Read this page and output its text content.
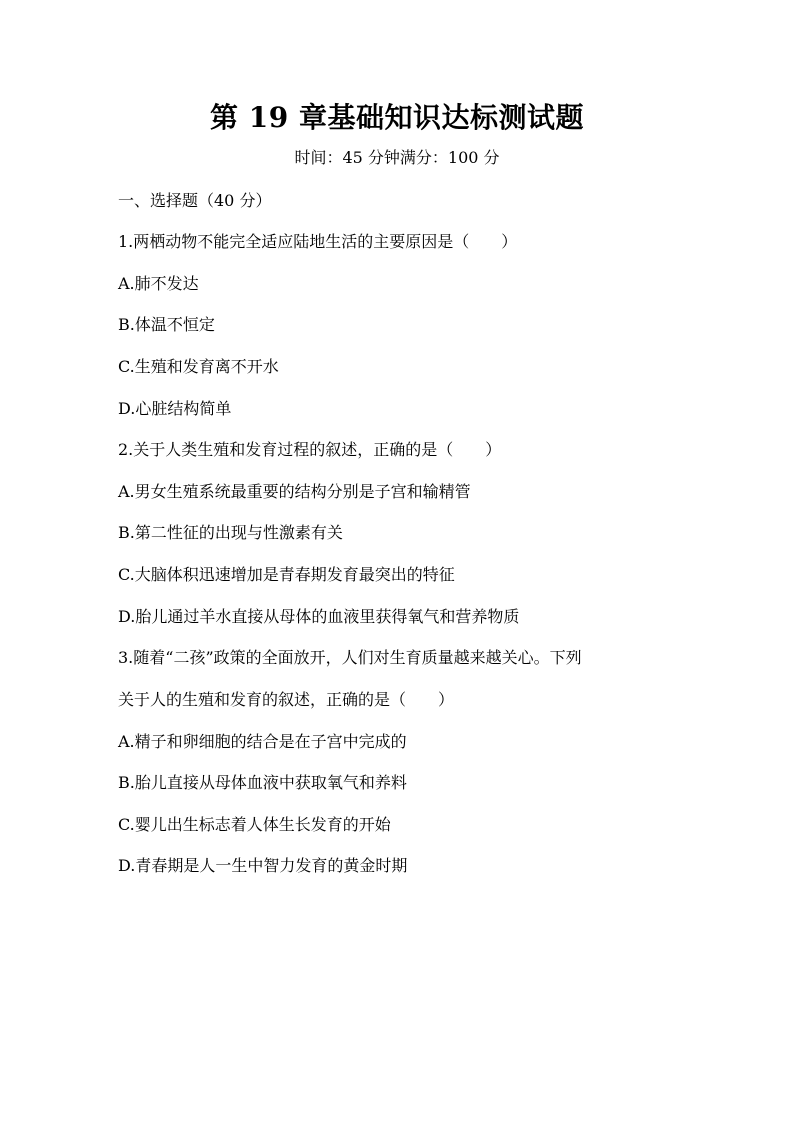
第 19 章基础知识达标测试题
时间：45 分钟满分：100 分
一、选择题（40 分）
1.两栖动物不能完全适应陆地生活的主要原因是（　　）
A.肺不发达
B.体温不恒定
C.生殖和发育离不开水
D.心脏结构简单
2.关于人类生殖和发育过程的叙述，正确的是（　　）
A.男女生殖系统最重要的结构分别是子宫和输精管
B.第二性征的出现与性激素有关
C.大脑体积迅速增加是青春期发育最突出的特征
D.胎儿通过羊水直接从母体的血液里获得氧气和营养物质
3.随着“二孩”政策的全面放开，人们对生育质量越来越关心。下列
关于人的生殖和发育的叙述，正确的是（　　）
A.精子和卵细胞的结合是在子宫中完成的
B.胎儿直接从母体血液中获取氧气和养料
C.婴儿出生标志着人体生长发育的开始
D.青春期是人一生中智力发育的黄金时期
